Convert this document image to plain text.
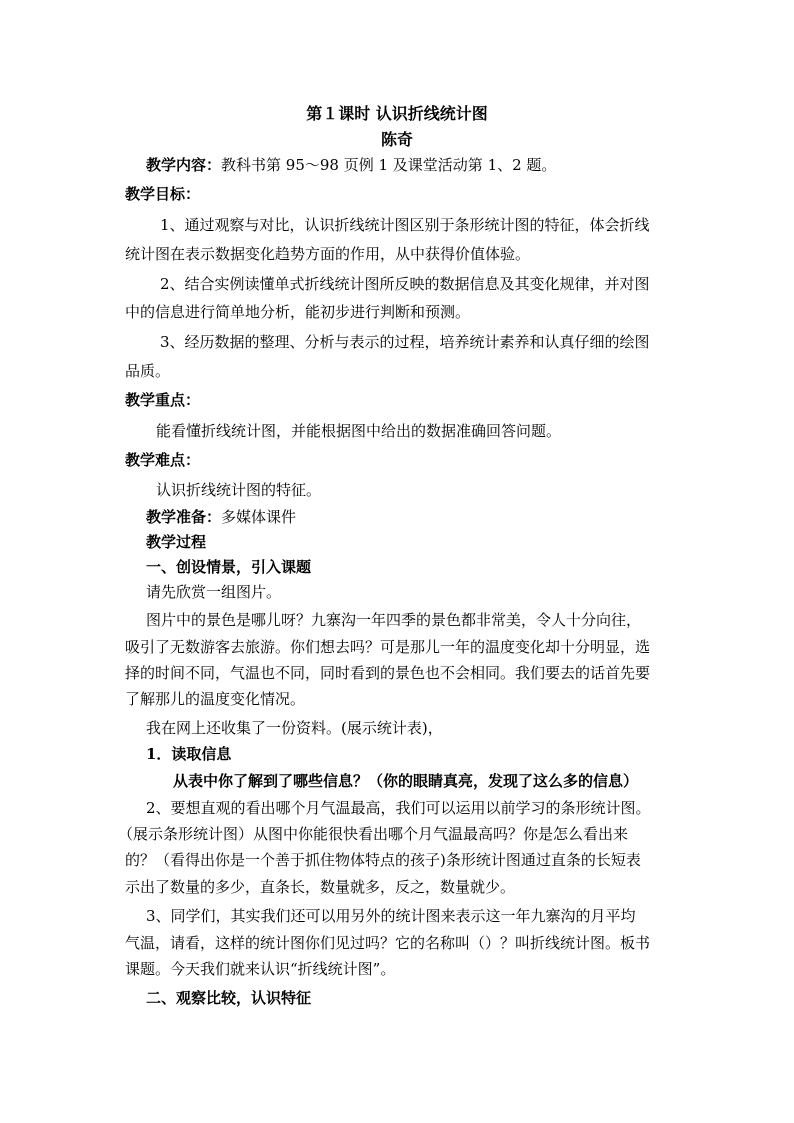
第１课时 认识折线统计图
陈奇
教学内容：教科书第 95～98 页例 1 及课堂活动第 1、2 题。
教学目标：
1、通过观察与对比，认识折线统计图区别于条形统计图的特征，体会折线
统计图在表示数据变化趋势方面的作用，从中获得价值体验。
2、结合实例读懂单式折线统计图所反映的数据信息及其变化规律，并对图
中的信息进行简单地分析，能初步进行判断和预测。
3、经历数据的整理、分析与表示的过程，培养统计素养和认真仔细的绘图
品质。
教学重点：
能看懂折线统计图，并能根据图中给出的数据准确回答问题。
教学难点：
认识折线统计图的特征。
教学准备：多媒体课件
教学过程
一、创设情景，引入课题
请先欣赏一组图片。
图片中的景色是哪儿呀？九寨沟一年四季的景色都非常美，令人十分向往，
吸引了无数游客去旅游。你们想去吗？可是那儿一年的温度变化却十分明显，选
择的时间不同，气温也不同，同时看到的景色也不会相同。我们要去的话首先要
了解那儿的温度变化情况。
我在网上还收集了一份资料。(展示统计表)，
1．读取信息
从表中你了解到了哪些信息？（你的眼睛真亮，发现了这么多的信息）
2、要想直观的看出哪个月气温最高，我们可以运用以前学习的条形统计图。
（展示条形统计图）从图中你能很快看出哪个月气温最高吗？你是怎么看出来
的？（看得出你是一个善于抓住物体特点的孩子)条形统计图通过直条的长短表
示出了数量的多少，直条长，数量就多，反之，数量就少。
3、同学们，其实我们还可以用另外的统计图来表示这一年九寨沟的月平均
气温，请看，这样的统计图你们见过吗？它的名称叫（）？叫折线统计图。板书
课题。今天我们就来认识“折线统计图”。
二、观察比较，认识特征
